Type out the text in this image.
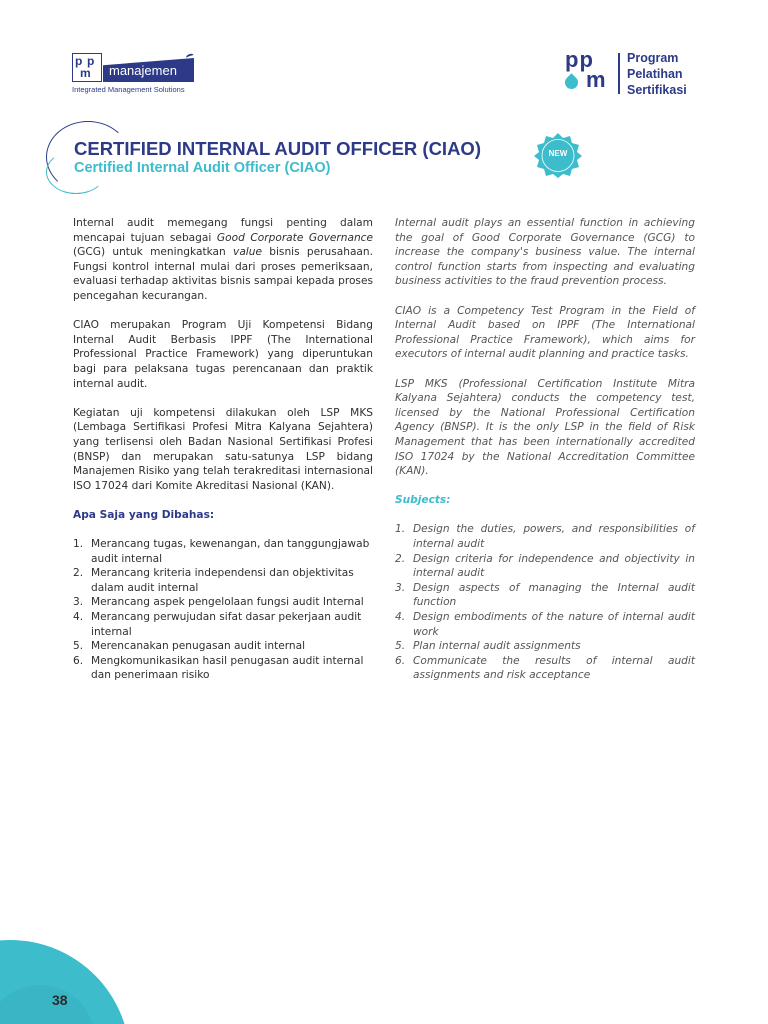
p p
m manajemen
Integrated Management Solutions
pp
m
Program
Pelatihan
Sertifikasi
CERTIFIED INTERNAL AUDIT OFFICER (CIAO)
Certified Internal Audit Officer (CIAO)
NEW

Internal audit memegang fungsi penting dalam mencapai tujuan sebagai Good Corporate Governance (GCG) untuk meningkatkan value bisnis perusahaan. Fungsi kontrol internal mulai dari proses pemeriksaan, evaluasi terhadap aktivitas bisnis sampai kepada proses pencegahan kecurangan.

CIAO merupakan Program Uji Kompetensi Bidang Internal Audit Berbasis IPPF (The International Professional Practice Framework) yang diperuntukan bagi para pelaksana tugas perencanaan dan praktik internal audit.

Kegiatan uji kompetensi dilakukan oleh LSP MKS (Lembaga Sertifikasi Profesi Mitra Kalyana Sejahtera) yang terlisensi oleh Badan Nasional Sertifikasi Profesi (BNSP) dan merupakan satu-satunya LSP bidang Manajemen Risiko yang telah terakreditasi internasional ISO 17024 dari Komite Akreditasi Nasional (KAN).

Apa Saja yang Dibahas:
1. Merancang tugas, kewenangan, dan tanggungjawab audit internal
2. Merancang kriteria independensi dan objektivitas dalam audit internal
3. Merancang aspek pengelolaan fungsi audit Internal
4. Merancang perwujudan sifat dasar pekerjaan audit internal
5. Merencanakan penugasan audit internal
6. Mengkomunikasikan hasil penugasan audit internal dan penerimaan risiko

Internal audit plays an essential function in achieving the goal of Good Corporate Governance (GCG) to increase the company's business value. The internal control function starts from inspecting and evaluating business activities to the fraud prevention process.

CIAO is a Competency Test Program in the Field of Internal Audit based on IPPF (The International Professional Practice Framework), which aims for executors of internal audit planning and practice tasks.

LSP MKS (Professional Certification Institute Mitra Kalyana Sejahtera) conducts the competency test, licensed by the National Professional Certification Agency (BNSP). It is the only LSP in the field of Risk Management that has been internationally accredited ISO 17024 by the National Accreditation Committee (KAN).

Subjects:
1. Design the duties, powers, and responsibilities of internal audit
2. Design criteria for independence and objectivity in internal audit
3. Design aspects of managing the Internal audit function
4. Design embodiments of the nature of internal audit work
5. Plan internal audit assignments
6. Communicate the results of internal audit assignments and risk acceptance
38
